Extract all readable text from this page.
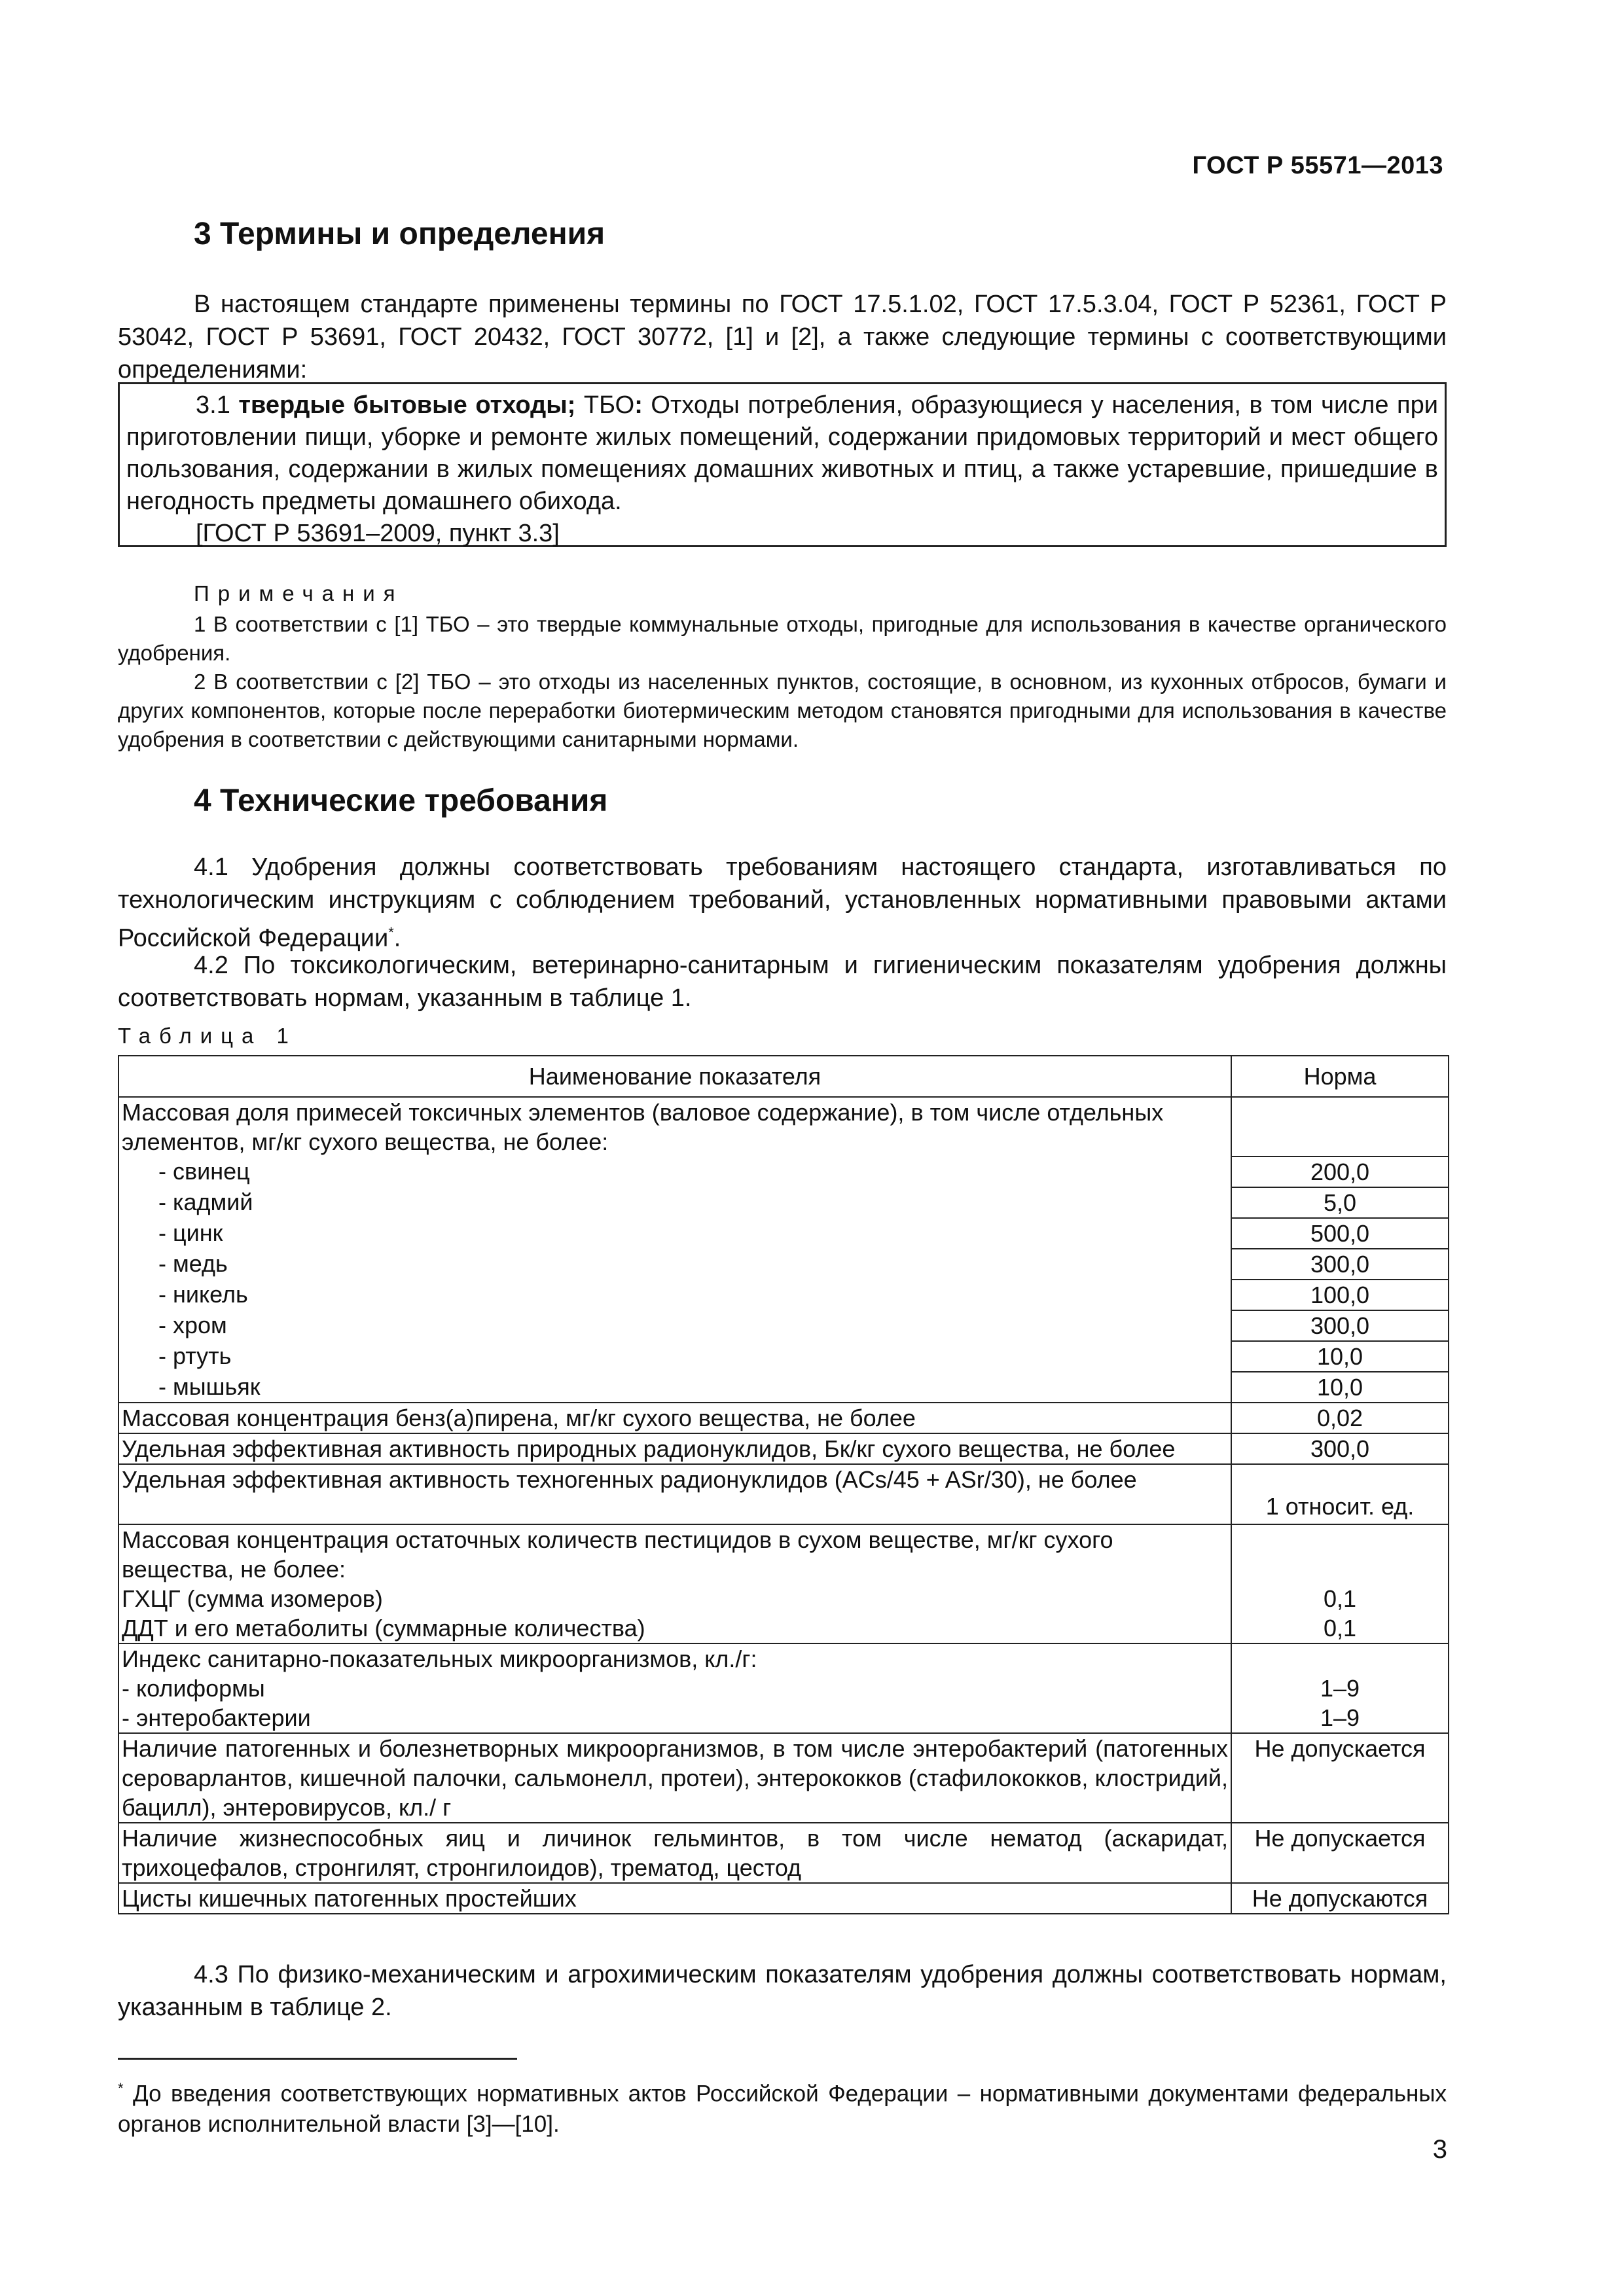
ГОСТ Р 55571—2013
3 Термины и определения
В настоящем стандарте применены термины по ГОСТ 17.5.1.02, ГОСТ 17.5.3.04, ГОСТ Р 52361, ГОСТ Р 53042, ГОСТ Р 53691, ГОСТ 20432, ГОСТ 30772, [1] и [2], а также следующие термины с соответствующими определениями:

3.1 твердые бытовые отходы; ТБО: Отходы потребления, образующиеся у населения, в том числе при приготовлении пищи, уборке и ремонте жилых помещений, содержании придомовых территорий и мест общего пользования, содержании в жилых помещениях домашних животных и птиц, а также устаревшие, пришедшие в негодность предметы домашнего обихода.

[ГОСТ Р 53691–2009, пункт 3.3]

Примечания
1 В соответствии с [1] ТБО – это твердые коммунальные отходы, пригодные для использования в качестве органического удобрения.
2 В соответствии с [2] ТБО – это отходы из населенных пунктов, состоящие, в основном, из кухонных отбросов, бумаги и других компонентов, которые после переработки биотермическим методом становятся пригодными для использования в качестве удобрения в соответствии с действующими санитарными нормами.
4 Технические требования
4.1 Удобрения должны соответствовать требованиям настоящего стандарта, изготавливаться по технологическим инструкциям с соблюдением требований, установленных нормативными правовыми актами Российской Федерации*.
4.2 По токсикологическим, ветеринарно-санитарным и гигиеническим показателям удобрения должны соответствовать нормам, указанным в таблице 1.
Таблица 1
Наименование показателя	Норма
Массовая доля примесей токсичных элементов (валовое содержание), в том числе отдельных элементов, мг/кг сухого вещества, не более:	
- свинец	200,0
- кадмий	5,0
- цинк	500,0
- медь	300,0
- никель	100,0
- хром	300,0
- ртуть	10,0
- мышьяк	10,0
Массовая концентрация бенз(а)пирена, мг/кг сухого вещества, не более	0,02
Удельная эффективная активность природных радионуклидов, Бк/кг сухого вещества, не более	300,0
Удельная эффективная активность техногенных радионуклидов (ACs/45 + ASr/30), не более	1 относит. ед.
Массовая концентрация остаточных количеств пестицидов в сухом веществе, мг/кг сухого вещества, не более:	
ГХЦГ (сумма изомеров)	0,1
ДДТ и его метаболиты (суммарные количества)	0,1
Индекс санитарно-показательных микроорганизмов, кл./г:	
- колиформы	1–9
- энтеробактерии	1–9
Наличие патогенных и болезнетворных микроорганизмов, в том числе энтеробактерий (патогенных сероварлантов, кишечной палочки, сальмонелл, протеи), энтерококков (стафилококков, клостридий, бацилл), энтеровирусов, кл./ г	Не допускается
Наличие жизнеспособных яиц и личинок гельминтов, в том числе нематод (аскаридат, трихоцефалов, стронгилят, стронгилоидов), трематод, цестод	Не допускается
Цисты кишечных патогенных простейших	Не допускаются
4.3 По физико-механическим и агрохимическим показателям удобрения должны соответствовать нормам, указанным в таблице 2.
* До введения соответствующих нормативных актов Российской Федерации – нормативными документами федеральных органов исполнительной власти [3]—[10].
3
